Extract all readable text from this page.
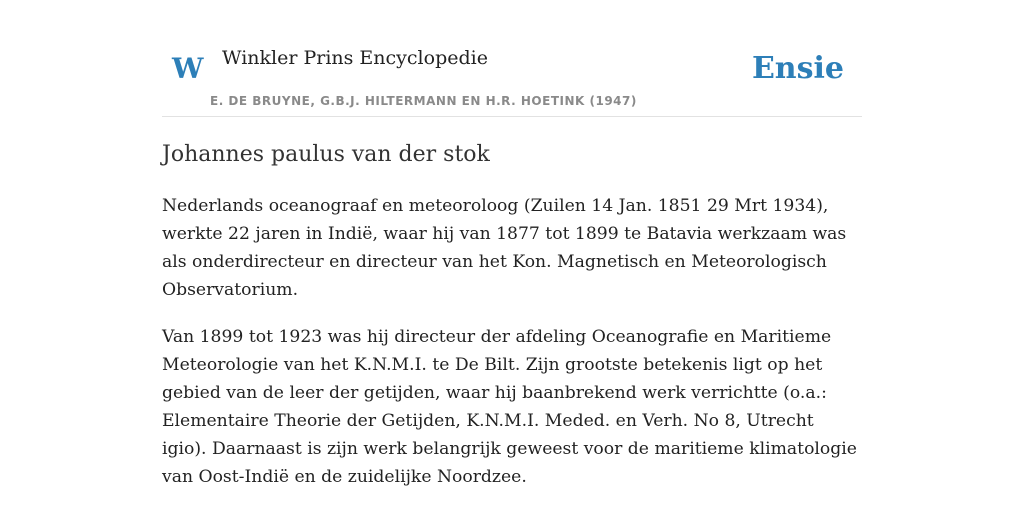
W Winkler Prins Encyclopedie
E. DE BRUYNE, G.B.J. HILTERMANN EN H.R. HOETINK (1947)
Ensie
Johannes paulus van der stok

Nederlands oceanograaf en meteoroloog (Zuilen 14 Jan. 1851 29 Mrt 1934), werkte 22 jaren in Indië, waar hij van 1877 tot 1899 te Batavia werkzaam was als onderdirecteur en directeur van het Kon. Magnetisch en Meteorologisch Observatorium.

Van 1899 tot 1923 was hij directeur der afdeling Oceanografie en Maritieme Meteorologie van het K.N.M.I. te De Bilt. Zijn grootste betekenis ligt op het gebied van de leer der getijden, waar hij baanbrekend werk verrichtte (o.a.: Elementaire Theorie der Getijden, K.N.M.I. Meded. en Verh. No 8, Utrecht igio). Daarnaast is zijn werk belangrijk geweest voor de maritieme klimatologie van Oost-Indië en de zuidelijke Noordzee.
